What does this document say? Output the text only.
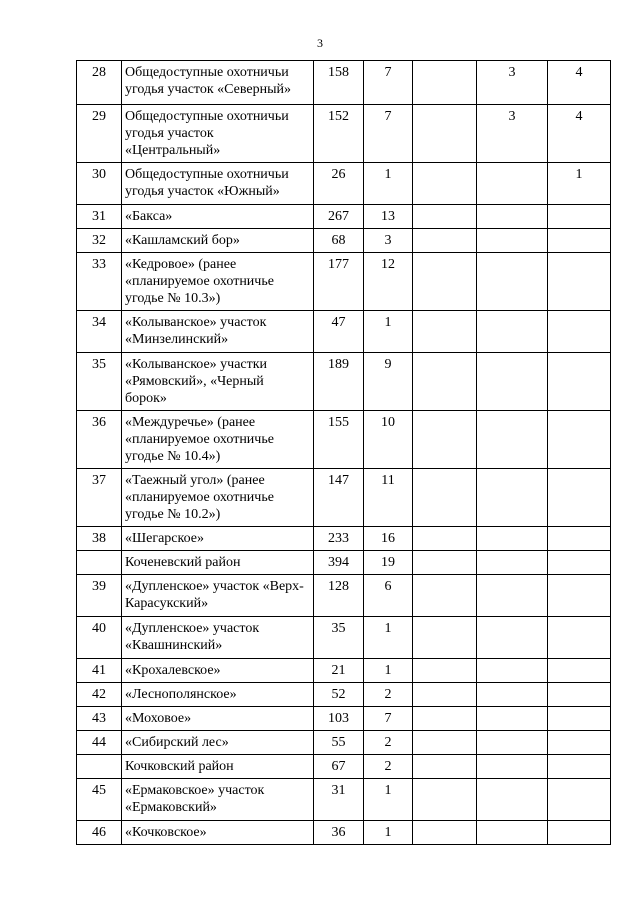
3
28	Общедоступные охотничьи угодья участок «Северный»	158	7		3	4
29	Общедоступные охотничьи угодья участок «Центральный»	152	7		3	4
30	Общедоступные охотничьи угодья участок «Южный»	26	1			1
31	«Бакса»	267	13			
32	«Кашламский бор»	68	3			
33	«Кедровое» (ранее «планируемое охотничье угодье № 10.3»)	177	12			
34	«Колыванское» участок «Минзелинский»	47	1			
35	«Колыванское» участки «Рямовский», «Черный борок»	189	9			
36	«Междуречье» (ранее «планируемое охотничье угодье № 10.4»)	155	10			
37	«Таежный угол» (ранее «планируемое охотничье угодье № 10.2»)	147	11			
38	«Шегарское»	233	16			
	Коченевский район	394	19			
39	«Дупленское» участок «Верх-Карасукский»	128	6			
40	«Дупленское» участок «Квашнинский»	35	1			
41	«Крохалевское»	21	1			
42	«Леснополянское»	52	2			
43	«Моховое»	103	7			
44	«Сибирский лес»	55	2			
	Кочковский район	67	2			
45	«Ермаковское» участок «Ермаковский»	31	1			
46	«Кочковское»	36	1			
